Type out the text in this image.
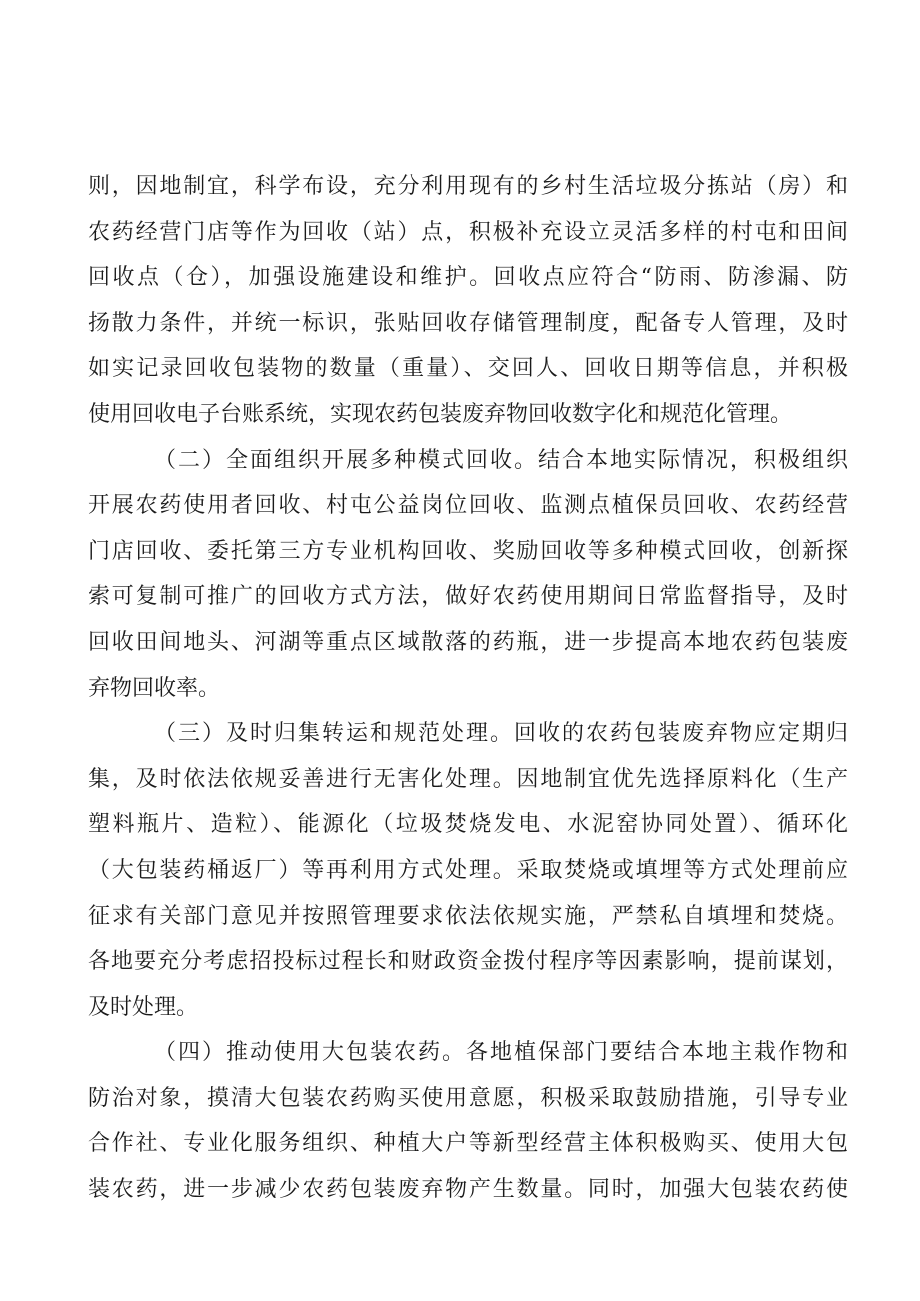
则，因地制宜，科学布设，充分利用现有的乡村生活垃圾分拣站（房）和
农药经营门店等作为回收（站）点，积极补充设立灵活多样的村屯和田间
回收点（仓），加强设施建设和维护。回收点应符合“防雨、防渗漏、防
扬散力条件，并统一标识，张贴回收存储管理制度，配备专人管理，及时
如实记录回收包装物的数量（重量）、交回人、回收日期等信息，并积极
使用回收电子台账系统，实现农药包装废弃物回收数字化和规范化管理。
（二）全面组织开展多种模式回收。结合本地实际情况，积极组织
开展农药使用者回收、村屯公益岗位回收、监测点植保员回收、农药经营
门店回收、委托第三方专业机构回收、奖励回收等多种模式回收，创新探
索可复制可推广的回收方式方法，做好农药使用期间日常监督指导，及时
回收田间地头、河湖等重点区域散落的药瓶，进一步提高本地农药包装废
弃物回收率。
（三）及时归集转运和规范处理。回收的农药包装废弃物应定期归
集，及时依法依规妥善进行无害化处理。因地制宜优先选择原料化（生产
塑料瓶片、造粒）、能源化（垃圾焚烧发电、水泥窑协同处置）、循环化
（大包装药桶返厂）等再利用方式处理。采取焚烧或填埋等方式处理前应
征求有关部门意见并按照管理要求依法依规实施，严禁私自填埋和焚烧。
各地要充分考虑招投标过程长和财政资金拨付程序等因素影响，提前谋划，
及时处理。
（四）推动使用大包装农药。各地植保部门要结合本地主栽作物和
防治对象，摸清大包装农药购买使用意愿，积极采取鼓励措施，引导专业
合作社、专业化服务组织、种植大户等新型经营主体积极购买、使用大包
装农药，进一步减少农药包装废弃物产生数量。同时，加强大包装农药使
